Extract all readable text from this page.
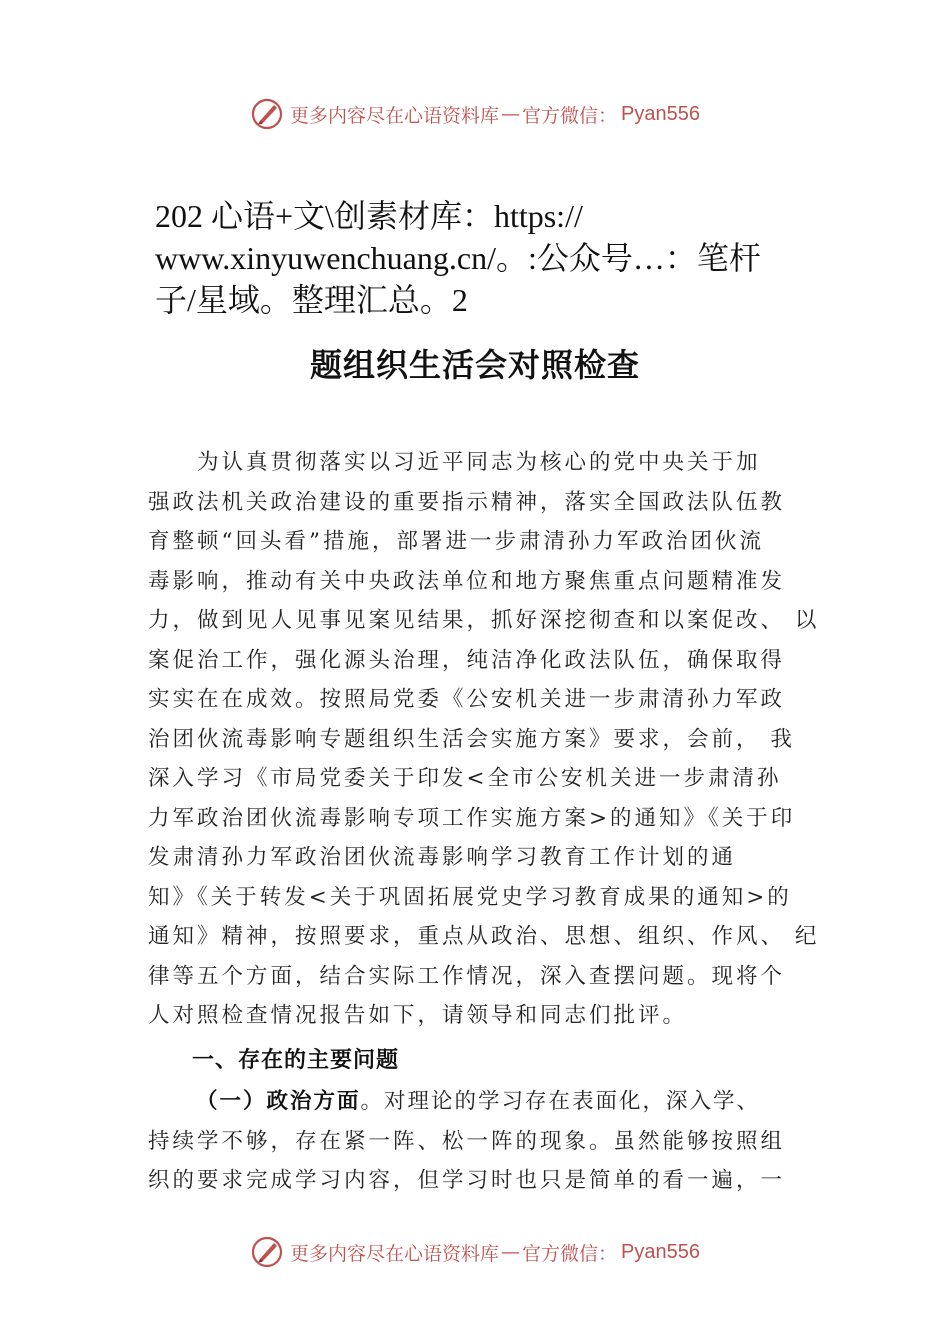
更多内容尽在心语资料库 — 官方微信： Pyan556
202 心语+文\创素材库：https://
www.xinyuwenchuang.cn/。:公众号…：笔杆
子/星域。整理汇总。2
题组织生活会对照检查
　　为认真贯彻落实以习近平同志为核心的党中央关于加
强政法机关政治建设的重要指示精神，落实全国政法队伍教
育整顿“回头看”措施，部署进一步肃清孙力军政治团伙流
毒影响，推动有关中央政法单位和地方聚焦重点问题精准发
力，做到见人见事见案见结果，抓好深挖彻查和以案促改、 以
案促治工作，强化源头治理，纯洁净化政法队伍，确保取得
实实在在成效。按照局党委《公安机关进一步肃清孙力军政
治团伙流毒影响专题组织生活会实施方案》要求，会前， 我
深入学习《市局党委关于印发<全市公安机关进一步肃清孙
力军政治团伙流毒影响专项工作实施方案>的通知》《关于印
发肃清孙力军政治团伙流毒影响学习教育工作计划的通
知》《关于转发<关于巩固拓展党史学习教育成果的通知>的
通知》精神，按照要求，重点从政治、思想、组织、作风、 纪
律等五个方面，结合实际工作情况，深入查摆问题。现将个
人对照检查情况报告如下，请领导和同志们批评。
一、存在的主要问题
（一）政治方面。对理论的学习存在表面化，深入学、
持续学不够，存在紧一阵、松一阵的现象。虽然能够按照组
织的要求完成学习内容，但学习时也只是简单的看一遍，一
更多内容尽在心语资料库 — 官方微信： Pyan556
